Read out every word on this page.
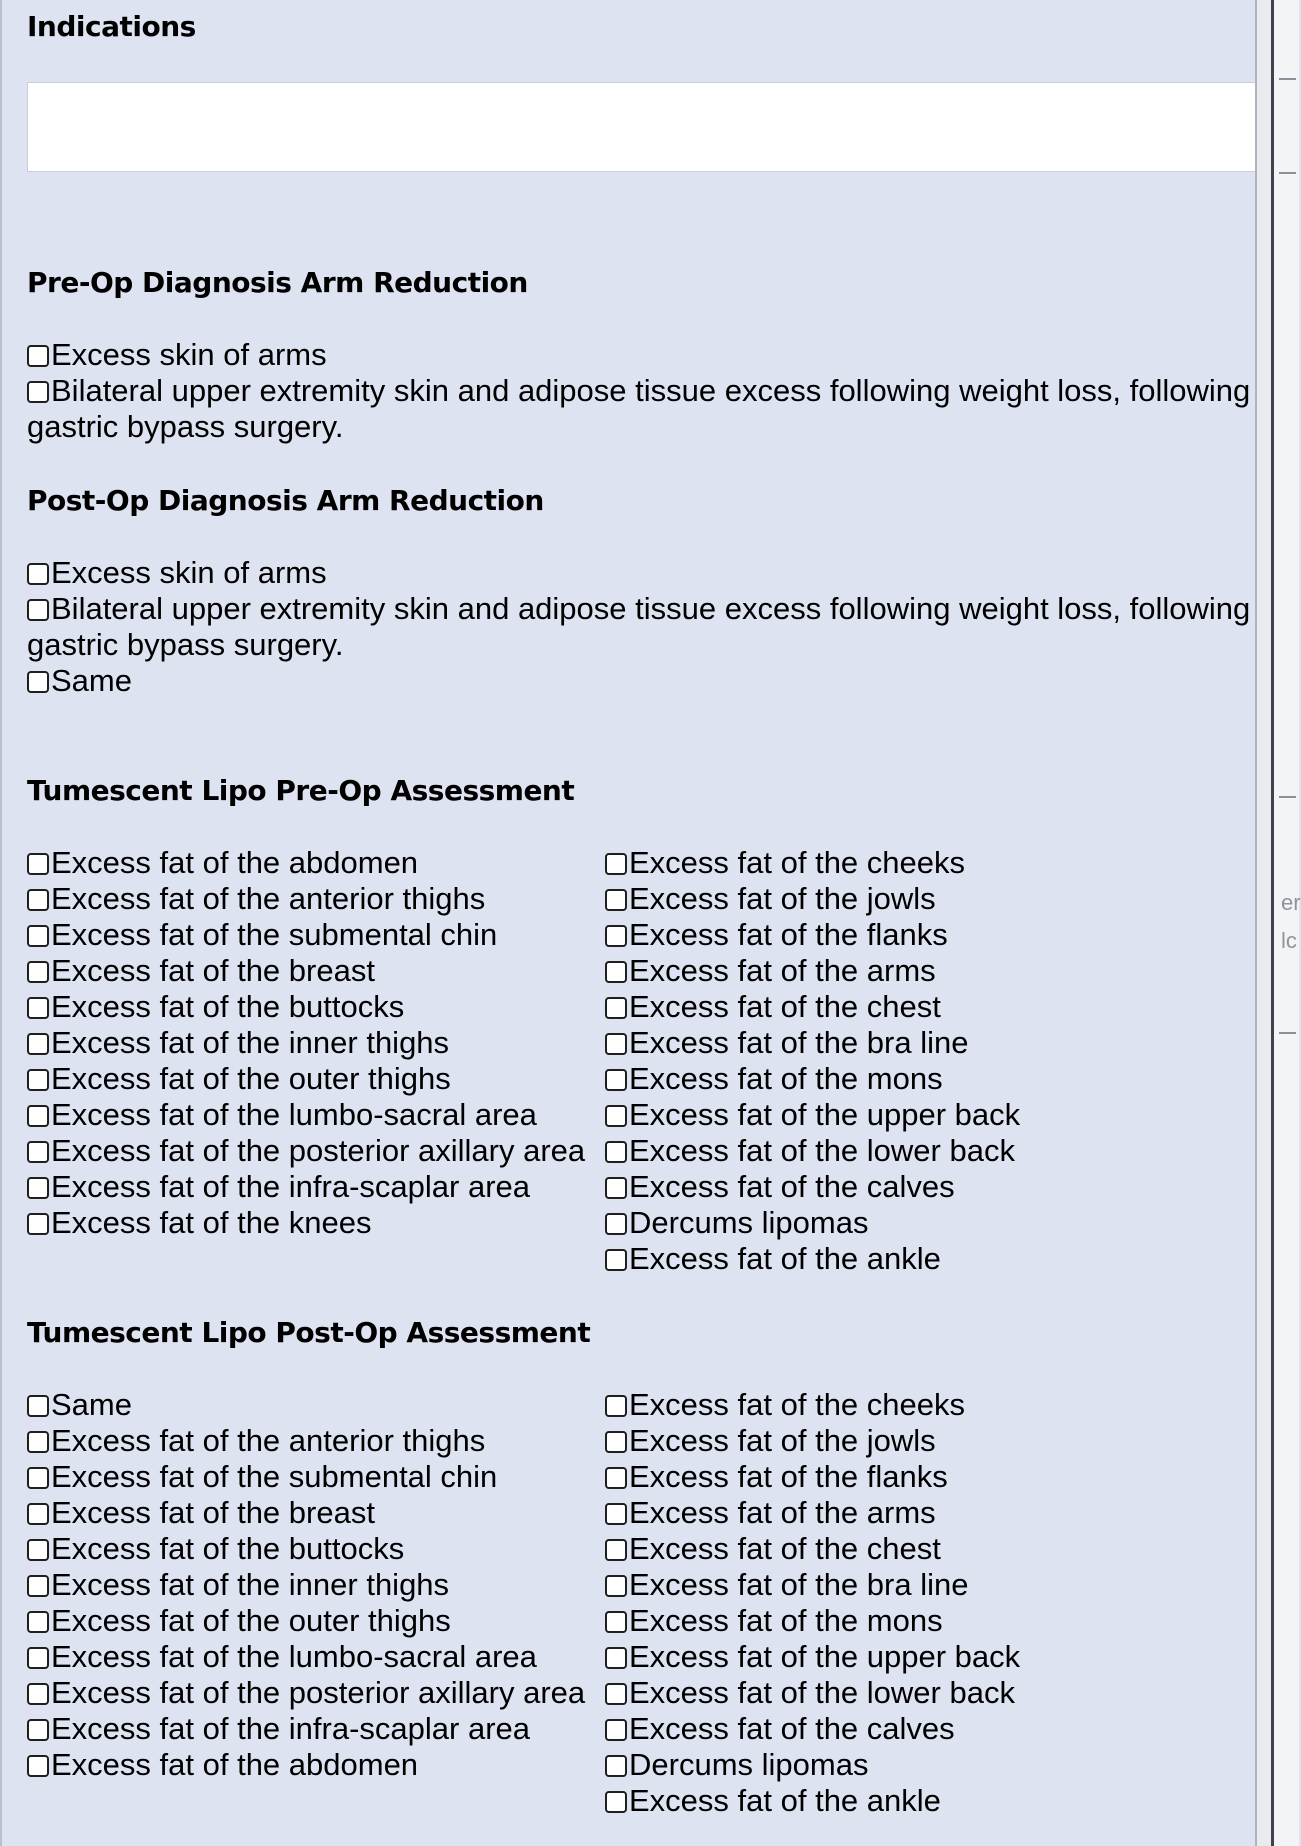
Indications
Pre-Op Diagnosis Arm Reduction
Excess skin of arms
Bilateral upper extremity skin and adipose tissue excess following weight loss, following
gastric bypass surgery.
Post-Op Diagnosis Arm Reduction
Excess skin of arms
Bilateral upper extremity skin and adipose tissue excess following weight loss, following
gastric bypass surgery.
Same
Tumescent Lipo Pre-Op Assessment
Excess fat of the abdomen
Excess fat of the anterior thighs
Excess fat of the submental chin
Excess fat of the breast
Excess fat of the buttocks
Excess fat of the inner thighs
Excess fat of the outer thighs
Excess fat of the lumbo-sacral area
Excess fat of the posterior axillary area
Excess fat of the infra-scaplar area
Excess fat of the knees
Excess fat of the cheeks
Excess fat of the jowls
Excess fat of the flanks
Excess fat of the arms
Excess fat of the chest
Excess fat of the bra line
Excess fat of the mons
Excess fat of the upper back
Excess fat of the lower back
Excess fat of the calves
Dercums lipomas
Excess fat of the ankle
Tumescent Lipo Post-Op Assessment
Same
Excess fat of the anterior thighs
Excess fat of the submental chin
Excess fat of the breast
Excess fat of the buttocks
Excess fat of the inner thighs
Excess fat of the outer thighs
Excess fat of the lumbo-sacral area
Excess fat of the posterior axillary area
Excess fat of the infra-scaplar area
Excess fat of the abdomen
Excess fat of the cheeks
Excess fat of the jowls
Excess fat of the flanks
Excess fat of the arms
Excess fat of the chest
Excess fat of the bra line
Excess fat of the mons
Excess fat of the upper back
Excess fat of the lower back
Excess fat of the calves
Dercums lipomas
Excess fat of the ankle
er
lc
